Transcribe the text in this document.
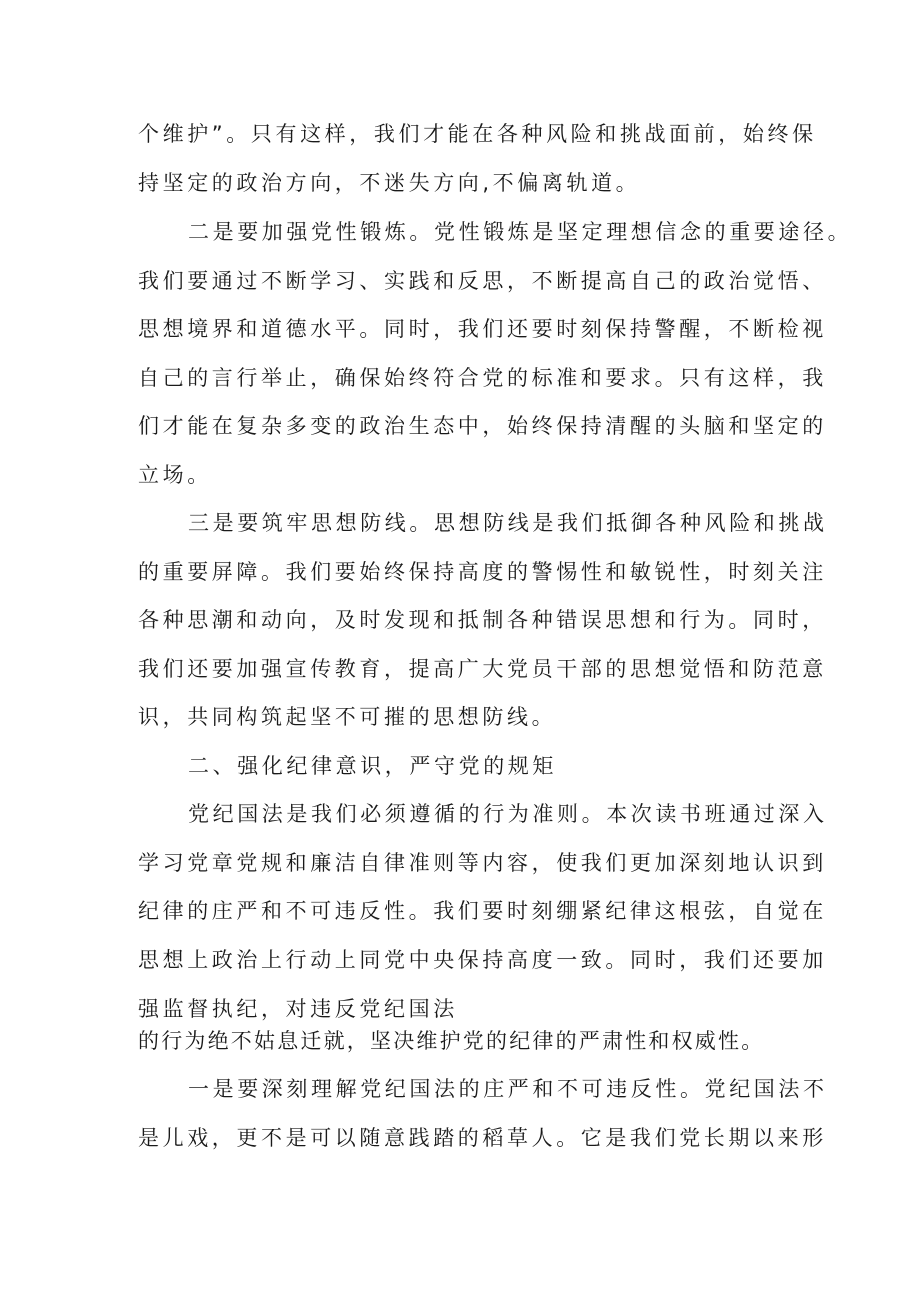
个维护”。只有这样，我们才能在各种风险和挑战面前，始终保
持坚定的政治方向，不迷失方向,不偏离轨道。
二是要加强党性锻炼。党性锻炼是坚定理想信念的重要途径。
我们要通过不断学习、实践和反思，不断提高自己的政治觉悟、
思想境界和道德水平。同时，我们还要时刻保持警醒，不断检视
自己的言行举止，确保始终符合党的标准和要求。只有这样，我
们才能在复杂多变的政治生态中，始终保持清醒的头脑和坚定的
立场。
三是要筑牢思想防线。思想防线是我们抵御各种风险和挑战
的重要屏障。我们要始终保持高度的警惕性和敏锐性，时刻关注
各种思潮和动向，及时发现和抵制各种错误思想和行为。同时，
我们还要加强宣传教育，提高广大党员干部的思想觉悟和防范意
识，共同构筑起坚不可摧的思想防线。
二、强化纪律意识，严守党的规矩
党纪国法是我们必须遵循的行为准则。本次读书班通过深入
学习党章党规和廉洁自律准则等内容，使我们更加深刻地认识到
纪律的庄严和不可违反性。我们要时刻绷紧纪律这根弦，自觉在
思想上政治上行动上同党中央保持高度一致。同时，我们还要加
强监督执纪，对违反党纪国法
的行为绝不姑息迁就，坚决维护党的纪律的严肃性和权威性。
一是要深刻理解党纪国法的庄严和不可违反性。党纪国法不
是儿戏，更不是可以随意践踏的稻草人。它是我们党长期以来形
